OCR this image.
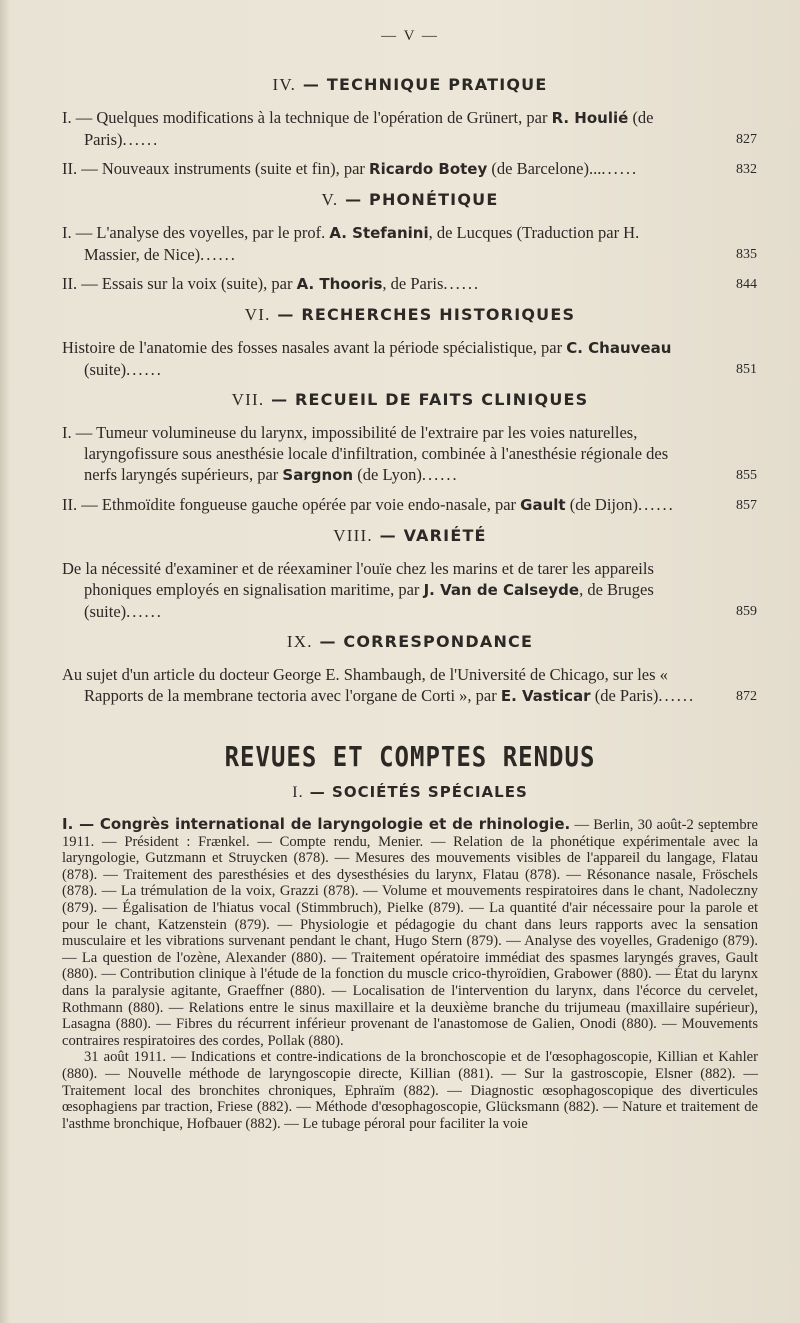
— V —
IV. — TECHNIQUE PRATIQUE
I. — Quelques modifications à la technique de l'opération de Grünert, par R. Houlié (de Paris)......	827
II. — Nouveaux instruments (suite et fin), par Ricardo Botey (de Barcelone).........	832
V. — PHONÉTIQUE
I. — L'analyse des voyelles, par le prof. A. Stefanini, de Lucques (Traduction par H. Massier, de Nice)......	835
II. — Essais sur la voix (suite), par A. Thooris, de Paris......	844
VI. — RECHERCHES HISTORIQUES
Histoire de l'anatomie des fosses nasales avant la période spécialistique, par C. Chauveau (suite)......	851
VII. — RECUEIL DE FAITS CLINIQUES
I. — Tumeur volumineuse du larynx, impossibilité de l'extraire par les voies naturelles, laryngofissure sous anesthésie locale d'infiltration, combinée à l'anesthésie régionale des nerfs laryngés supérieurs, par Sargnon (de Lyon)......	855
II. — Ethmoïdite fongueuse gauche opérée par voie endo-nasale, par Gault (de Dijon)......	857
VIII. — VARIÉTÉ
De la nécessité d'examiner et de réexaminer l'ouïe chez les marins et de tarer les appareils phoniques employés en signalisation maritime, par J. Van de Calseyde, de Bruges (suite)......	859
IX. — CORRESPONDANCE
Au sujet d'un article du docteur George E. Shambaugh, de l'Université de Chicago, sur les « Rapports de la membrane tectoria avec l'organe de Corti », par E. Vasticar (de Paris)......	872
REVUES ET COMPTES RENDUS
I. — SOCIÉTÉS SPÉCIALES

I. — Congrès international de laryngologie et de rhinologie. — Berlin, 30 août-2 septembre 1911. — Président : Frænkel. — Compte rendu, Menier. — Relation de la phonétique expérimentale avec la laryngologie, Gutzmann et Struycken (878). — Mesures des mouvements visibles de l'appareil du langage, Flatau (878). — Traitement des paresthésies et des dysesthésies du larynx, Flatau (878). — Résonance nasale, Fröschels (878). — La trémulation de la voix, Grazzi (878). — Volume et mouvements respiratoires dans le chant, Nadoleczny (879). — Égalisation de l'hiatus vocal (Stimmbruch), Pielke (879). — La quantité d'air nécessaire pour la parole et pour le chant, Katzenstein (879). — Physiologie et pédagogie du chant dans leurs rapports avec la sensation musculaire et les vibrations survenant pendant le chant, Hugo Stern (879). — Analyse des voyelles, Gradenigo (879). — La question de l'ozène, Alexander (880). — Traitement opératoire immédiat des spasmes laryngés graves, Gault (880). — Contribution clinique à l'étude de la fonction du muscle crico-thyroïdien, Grabower (880). — État du larynx dans la paralysie agitante, Graeffner (880). — Localisation de l'intervention du larynx, dans l'écorce du cervelet, Rothmann (880). — Relations entre le sinus maxillaire et la deuxième branche du trijumeau (maxillaire supérieur), Lasagna (880). — Fibres du récurrent inférieur provenant de l'anastomose de Galien, Onodi (880). — Mouvements contraires respiratoires des cordes, Pollak (880).

31 août 1911. — Indications et contre-indications de la bronchoscopie et de l'œsophagoscopie, Killian et Kahler (880). — Nouvelle méthode de laryngoscopie directe, Killian (881). — Sur la gastroscopie, Elsner (882). — Traitement local des bronchites chroniques, Ephraïm (882). — Diagnostic œsophagoscopique des diverticules œsophagiens par traction, Friese (882). — Méthode d'œsophagoscopie, Glücksmann (882). — Nature et traitement de l'asthme bronchique, Hofbauer (882). — Le tubage péroral pour faciliter la voie
